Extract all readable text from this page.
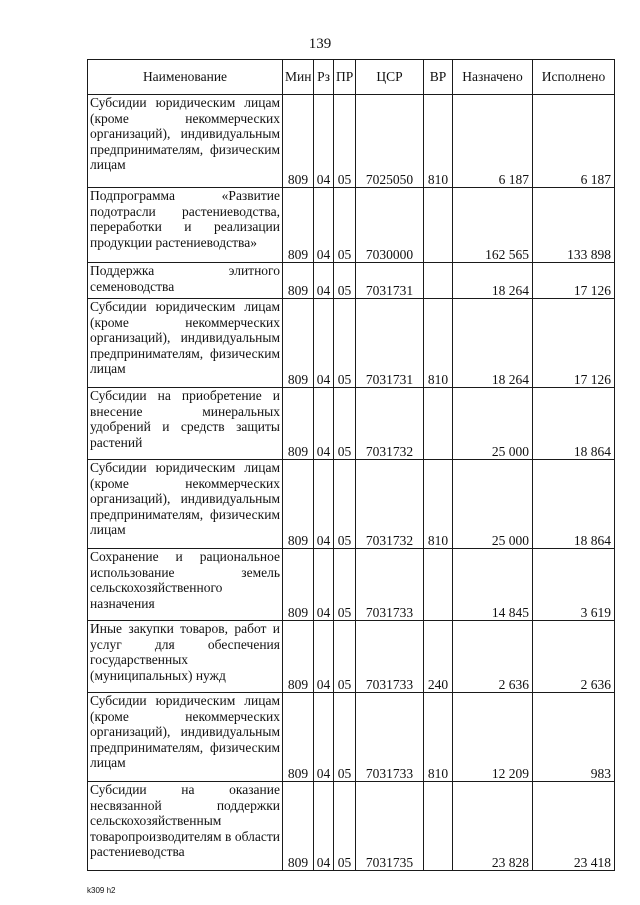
139
Наименование	Мин	Рз	ПР	ЦСР	ВР	Назначено	Исполнено
Субсидии юридическим лицам (кроме некоммерческих организаций), индивидуальным предпринимателям, физическим лицам	809	04	05	7025050	810	6 187	6 187
Подпрограмма «Развитие подотрасли растениеводства, переработки и реализации продукции растениеводства»	809	04	05	7030000		162 565	133 898
Поддержка элитного семеноводства	809	04	05	7031731		18 264	17 126
Субсидии юридическим лицам (кроме некоммерческих организаций), индивидуальным предпринимателям, физическим лицам	809	04	05	7031731	810	18 264	17 126
Субсидии на приобретение и внесение минеральных удобрений и средств защиты растений	809	04	05	7031732		25 000	18 864
Субсидии юридическим лицам (кроме некоммерческих организаций), индивидуальным предпринимателям, физическим лицам	809	04	05	7031732	810	25 000	18 864
Сохранение и рациональное использование земель сельскохозяйственного назначения	809	04	05	7031733		14 845	3 619
Иные закупки товаров, работ и услуг для обеспечения государственных (муниципальных) нужд	809	04	05	7031733	240	2 636	2 636
Субсидии юридическим лицам (кроме некоммерческих организаций), индивидуальным предпринимателям, физическим лицам	809	04	05	7031733	810	12 209	983
Субсидии на оказание несвязанной поддержки сельскохозяйственным товаропроизводителям в области растениеводства	809	04	05	7031735		23 828	23 418
k309 h2
